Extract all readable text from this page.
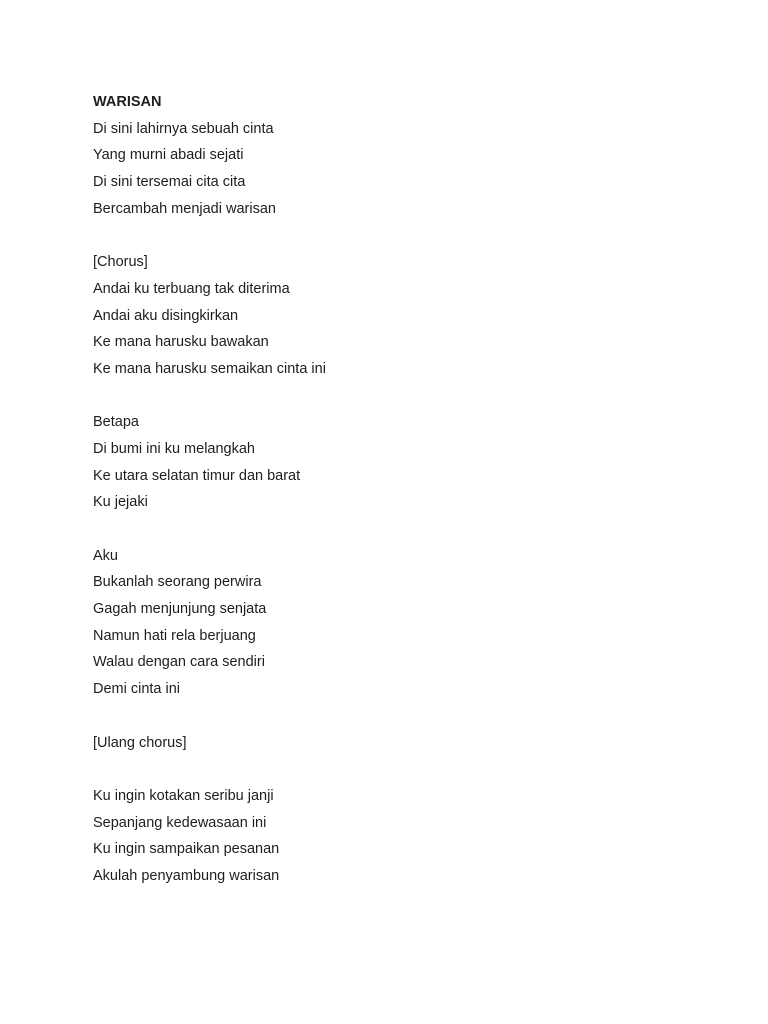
WARISAN
Di sini lahirnya sebuah cinta
Yang murni abadi sejati
Di sini tersemai cita cita
Bercambah menjadi warisan
[Chorus]
Andai ku terbuang tak diterima
Andai aku disingkirkan
Ke mana harusku bawakan
Ke mana harusku semaikan cinta ini
Betapa
Di bumi ini ku melangkah
Ke utara selatan timur dan barat
Ku jejaki
Aku
Bukanlah seorang perwira
Gagah menjunjung senjata
Namun hati rela berjuang
Walau dengan cara sendiri
Demi cinta ini
[Ulang chorus]
Ku ingin kotakan seribu janji
Sepanjang kedewasaan ini
Ku ingin sampaikan pesanan
Akulah penyambung warisan
